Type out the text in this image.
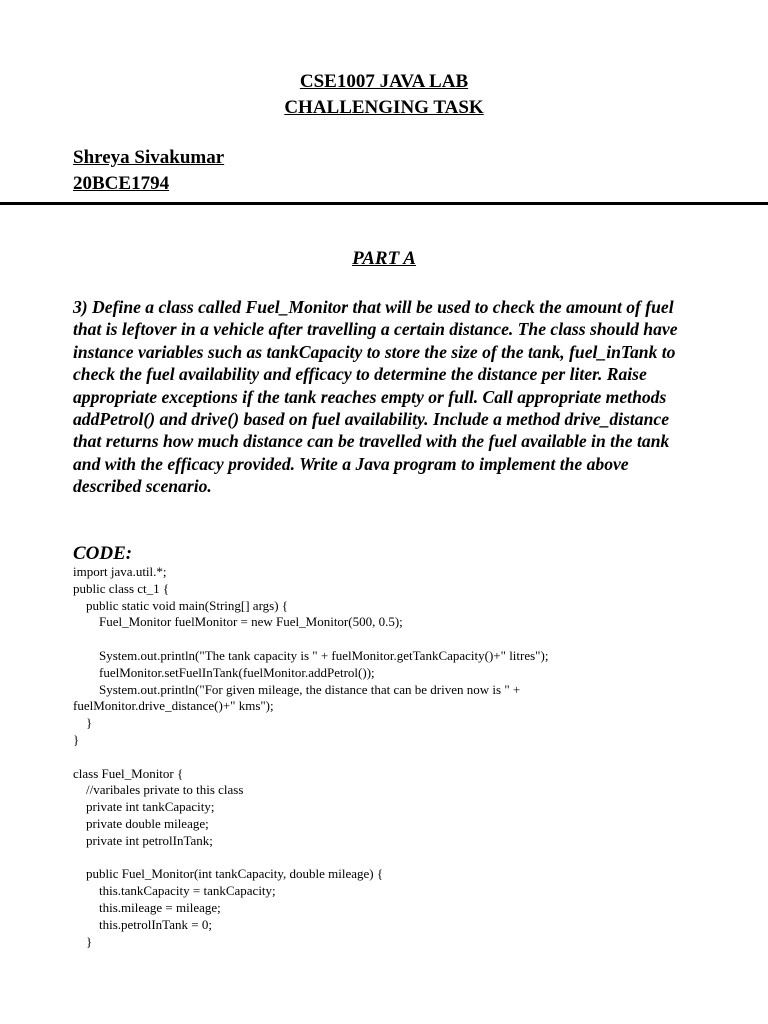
CSE1007 JAVA LAB
CHALLENGING TASK

Shreya Sivakumar

20BCE1794

PART A

3) Define a class called Fuel_Monitor that will be used to check the amount of fuel that is leftover in a vehicle after travelling a certain distance. The class should have instance variables such as tankCapacity to store the size of the tank, fuel_inTank to check the fuel availability and efficacy to determine the distance per liter. Raise appropriate exceptions if the tank reaches empty or full. Call appropriate methods addPetrol() and drive() based on fuel availability. Include a method drive_distance that returns how much distance can be travelled with the fuel available in the tank and with the efficacy provided. Write a Java program to implement the above described scenario.

CODE:
import java.util.*;
public class ct_1 {
public static void main(String[] args) {
Fuel_Monitor fuelMonitor = new Fuel_Monitor(500, 0.5);
System.out.println("The tank capacity is " + fuelMonitor.getTankCapacity()+" litres");
fuelMonitor.setFuelInTank(fuelMonitor.addPetrol());
System.out.println("For given mileage, the distance that can be driven now is " +
fuelMonitor.drive_distance()+" kms");
}
}
class Fuel_Monitor {
//varibales private to this class
private int tankCapacity;
private double mileage;
private int petrolInTank;
public Fuel_Monitor(int tankCapacity, double mileage) {
this.tankCapacity = tankCapacity;
this.mileage = mileage;
this.petrolInTank = 0;
}
